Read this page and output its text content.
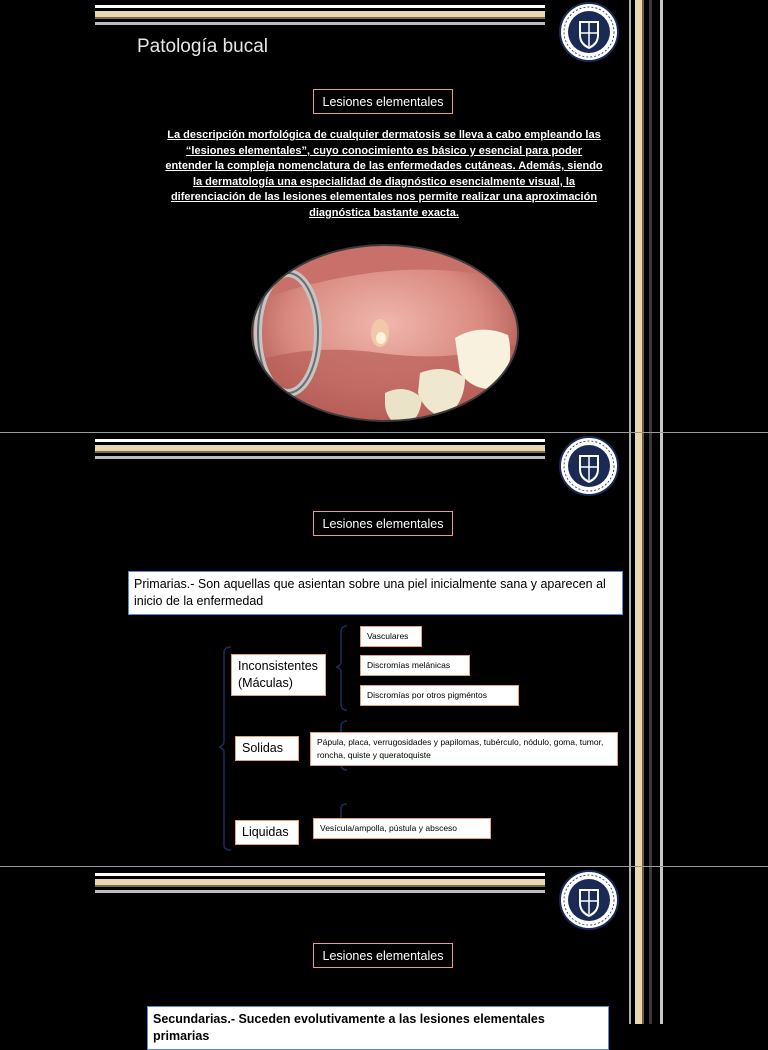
Patología bucal
Lesiones elementales
La descripción morfológica de cualquier dermatosis se lleva a cabo empleando las “lesiones elementales”, cuyo conocimiento es básico y esencial para poder entender la compleja nomenclatura de las enfermedades cutáneas. Además, siendo la dermatología una especialidad de diagnóstico esencialmente visual, la diferenciación de las lesiones elementales nos permite realizar una aproximación diagnóstica bastante exacta.
Lesiones elementales
Primarias.- Son aquellas que asientan sobre una piel inicialmente sana y aparecen al inicio de la enfermedad
Inconsistentes (Máculas)
Solidas
Liquidas
Vasculares
Discromías melánicas
Discromías por otros pigméntos
Pápula, placa, verrugosidades y papilomas, tubérculo, nódulo, goma, tumor, roncha, quiste y queratoquiste
Vesícula/ampolla, pústula y absceso
Lesiones elementales
Secundarias.- Suceden evolutivamente a las lesiones elementales primarias
